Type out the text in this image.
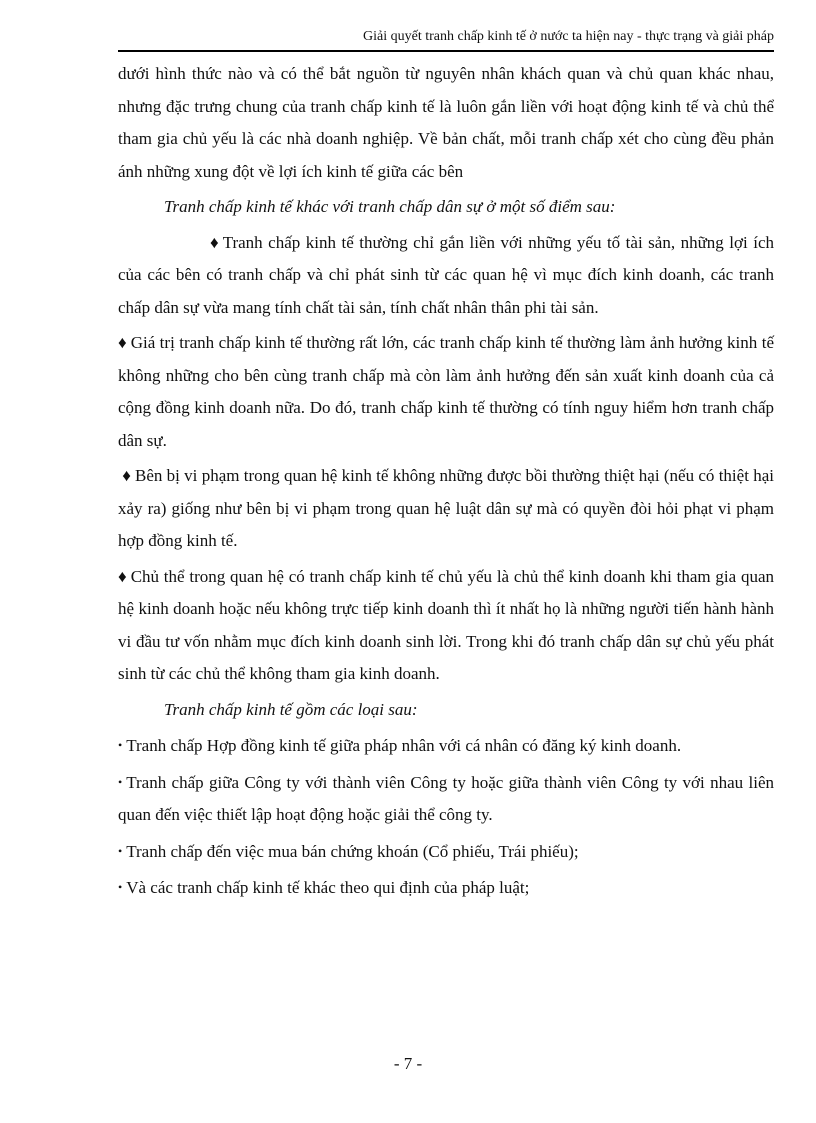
Giải quyết tranh chấp kinh tế ở nước ta hiện nay - thực trạng và giải pháp

dưới hình thức nào và có thể bắt nguồn từ nguyên nhân khách quan và chủ quan khác nhau, nhưng đặc trưng chung của tranh chấp kinh tế là luôn gắn liền với hoạt động kinh tế và chủ thể tham gia chủ yếu là các nhà doanh nghiệp. Về bản chất, mỗi tranh chấp xét cho cùng đều phản ánh những xung đột về lợi ích kinh tế giữa các bên

Tranh chấp kinh tế khác với tranh chấp dân sự ở một số điểm sau:

♦ Tranh chấp kinh tế thường chỉ gắn liền với những yếu tố tài sản, những lợi ích của các bên có tranh chấp và chỉ phát sinh từ các quan hệ vì mục đích kinh doanh, các tranh chấp dân sự vừa mang tính chất tài sản, tính chất nhân thân phi tài sản.

♦ Giá trị tranh chấp kinh tế thường rất lớn, các tranh chấp kinh tế thường làm ảnh hưởng kinh tế không những cho bên cùng tranh chấp mà còn làm ảnh hưởng đến sản xuất kinh doanh của cả cộng đồng kinh doanh nữa. Do đó, tranh chấp kinh tế thường có tính nguy hiểm hơn tranh chấp dân sự.

♦ Bên bị vi phạm trong quan hệ kinh tế không những được bồi thường thiệt hại (nếu có thiệt hại xảy ra) giống như bên bị vi phạm trong quan hệ luật dân sự mà có quyền đòi hỏi phạt vi phạm hợp đồng kinh tế.

♦ Chủ thể trong quan hệ có tranh chấp kinh tế chủ yếu là chủ thể kinh doanh khi tham gia quan hệ kinh doanh hoặc nếu không trực tiếp kinh doanh thì ít nhất họ là những người tiến hành hành vi đầu tư vốn nhằm mục đích kinh doanh sinh lời. Trong khi đó tranh chấp dân sự chủ yếu phát sinh từ các chủ thể không tham gia kinh doanh.

Tranh chấp kinh tế gồm các loại sau:

• Tranh chấp Hợp đồng kinh tế giữa pháp nhân với cá nhân có đăng ký kinh doanh.

• Tranh chấp giữa Công ty với thành viên Công ty hoặc giữa thành viên Công ty với nhau liên quan đến việc thiết lập hoạt động hoặc giải thể công ty.

• Tranh chấp đến việc mua bán chứng khoán (Cổ phiếu, Trái phiếu);

• Và các tranh chấp kinh tế khác theo qui định của pháp luật;

- 7 -
